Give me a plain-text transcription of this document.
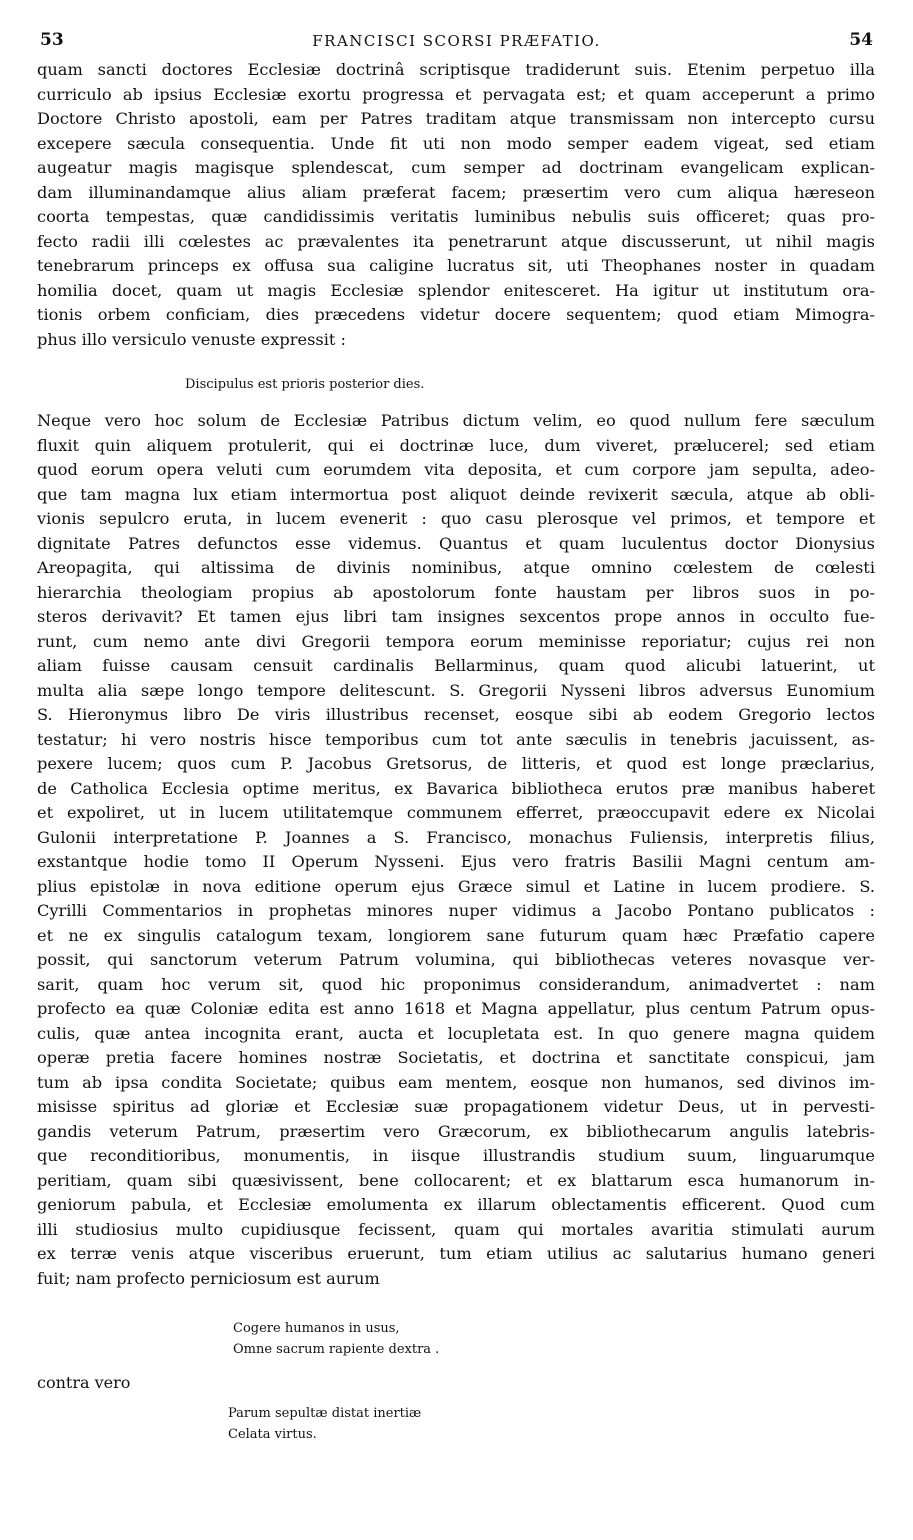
53	FRANCISCI SCORSI PRÆFATIO.	54
quam sancti doctores Ecclesiæ doctrinâ scriptisque tradiderunt suis. Etenim perpetuo illa
curriculo ab ipsius Ecclesiæ exortu progressa et pervagata est; et quam acceperunt a primo
Doctore Christo apostoli, eam per Patres traditam atque transmissam non intercepto cursu
excepere sæcula consequentia. Unde fit uti non modo semper eadem vigeat, sed etiam
augeatur magis magisque splendescat, cum semper ad doctrinam evangelicam explican-
dam illuminandamque alius aliam præferat facem; præsertim vero cum aliqua hæreseon
coorta tempestas, quæ candidissimis veritatis luminibus nebulis suis officeret; quas pro-
fecto radii illi cœlestes ac prævalentes ita penetrarunt atque discusserunt, ut nihil magis
tenebrarum princeps ex offusa sua caligine lucratus sit, uti Theophanes noster in quadam
homilia docet, quam ut magis Ecclesiæ splendor enitesceret. Ha igitur ut institutum ora-
tionis orbem conficiam, dies præcedens videtur docere sequentem; quod etiam Mimogra-
phus illo versiculo venuste expressit :
Discipulus est prioris posterior dies.
Neque vero hoc solum de Ecclesiæ Patribus dictum velim, eo quod nullum fere sæculum
fluxit quin aliquem protulerit, qui ei doctrinæ luce, dum viveret, prælucerel; sed etiam
quod eorum opera veluti cum eorumdem vita deposita, et cum corpore jam sepulta, adeo-
que tam magna lux etiam intermortua post aliquot deinde revixerit sæcula, atque ab obli-
vionis sepulcro eruta, in lucem evenerit : quo casu plerosque vel primos, et tempore et
dignitate Patres defunctos esse videmus. Quantus et quam luculentus doctor Dionysius
Areopagita, qui altissima de divinis nominibus, atque omnino cœlestem de cœlesti
hierarchia theologiam propius ab apostolorum fonte haustam per libros suos in po-
steros derivavit? Et tamen ejus libri tam insignes sexcentos prope annos in occulto fue-
runt, cum nemo ante divi Gregorii tempora eorum meminisse reporiatur; cujus rei non
aliam fuisse causam censuit cardinalis Bellarminus, quam quod alicubi latuerint, ut
multa alia sæpe longo tempore delitescunt. S. Gregorii Nysseni libros adversus Eunomium
S. Hieronymus libro De viris illustribus recenset, eosque sibi ab eodem Gregorio lectos
testatur; hi vero nostris hisce temporibus cum tot ante sæculis in tenebris jacuissent, as-
pexere lucem; quos cum P. Jacobus Gretsorus, de litteris, et quod est longe præclarius,
de Catholica Ecclesia optime meritus, ex Bavarica bibliotheca erutos præ manibus haberet
et expoliret, ut in lucem utilitatemque communem efferret, præoccupavit edere ex Nicolai
Gulonii interpretatione P. Joannes a S. Francisco, monachus Fuliensis, interpretis filius,
exstantque hodie tomo II Operum Nysseni. Ejus vero fratris Basilii Magni centum am-
plius epistolæ in nova editione operum ejus Græce simul et Latine in lucem prodiere. S.
Cyrilli Commentarios in prophetas minores nuper vidimus a Jacobo Pontano publicatos :
et ne ex singulis catalogum texam, longiorem sane futurum quam hæc Præfatio capere
possit, qui sanctorum veterum Patrum volumina, qui bibliothecas veteres novasque ver-
sarit, quam hoc verum sit, quod hic proponimus considerandum, animadvertet : nam
profecto ea quæ Coloniæ edita est anno 1618 et Magna appellatur, plus centum Patrum opus-
culis, quæ antea incognita erant, aucta et locupletata est. In quo genere magna quidem
operæ pretia facere homines nostræ Societatis, et doctrina et sanctitate conspicui, jam
tum ab ipsa condita Societate; quibus eam mentem, eosque non humanos, sed divinos im-
misisse spiritus ad gloriæ et Ecclesiæ suæ propagationem videtur Deus, ut in pervesti-
gandis veterum Patrum, præsertim vero Græcorum, ex bibliothecarum angulis latebris-
que reconditioribus, monumentis, in iisque illustrandis studium suum, linguarumque
peritiam, quam sibi quæsivissent, bene collocarent; et ex blattarum esca humanorum in-
geniorum pabula, et Ecclesiæ emolumenta ex illarum oblectamentis efficerent. Quod cum
illi studiosius multo cupidiusque fecissent, quam qui mortales avaritia stimulati aurum
ex terræ venis atque visceribus eruerunt, tum etiam utilius ac salutarius humano generi
fuit; nam profecto perniciosum est aurum
Cogere humanos in usus,
Omne sacrum rapiente dextra .
contra vero
Parum sepultæ distat inertiæ
Celata virtus.
